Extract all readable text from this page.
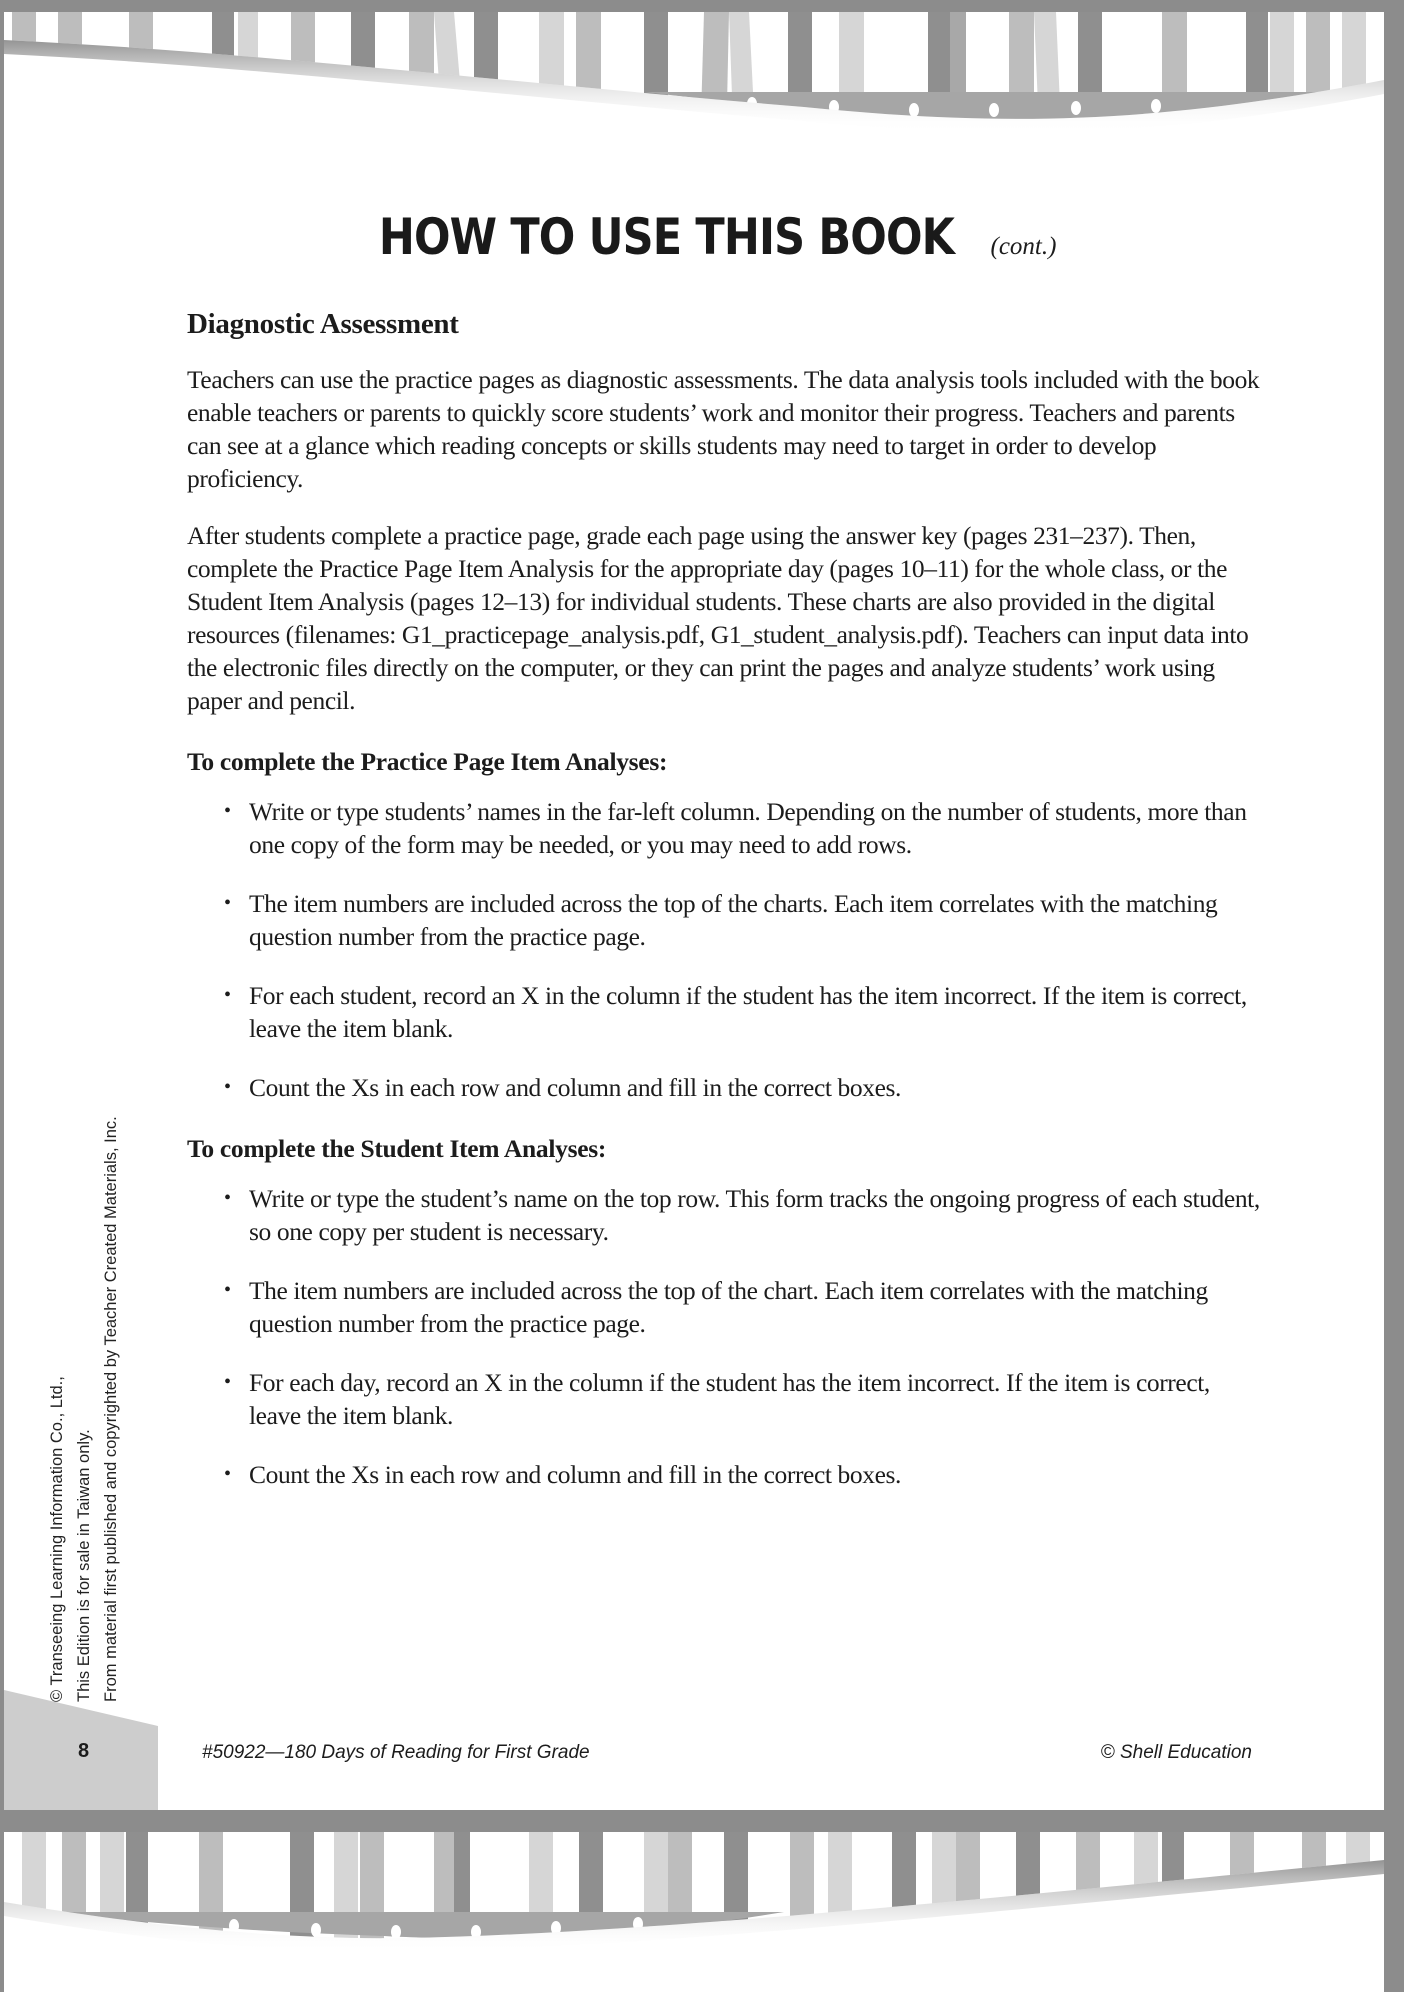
HOW TO USE THIS BOOK (cont.)
Diagnostic Assessment

Teachers can use the practice pages as diagnostic assessments. The data analysis tools included with the book enable teachers or parents to quickly score students’ work and monitor their progress. Teachers and parents can see at a glance which reading concepts or skills students may need to target in order to develop proficiency.

After students complete a practice page, grade each page using the answer key (pages 231–237). Then, complete the Practice Page Item Analysis for the appropriate day (pages 10–11) for the whole class, or the Student Item Analysis (pages 12–13) for individual students. These charts are also provided in the digital resources (filenames: G1_practicepage_analysis.pdf, G1_student_analysis.pdf). Teachers can input data into the electronic files directly on the computer, or they can print the pages and analyze students’ work using paper and pencil.

To complete the Practice Page Item Analyses:
• Write or type students’ names in the far-left column. Depending on the number of students, more than one copy of the form may be needed, or you may need to add rows.
• The item numbers are included across the top of the charts. Each item correlates with the matching question number from the practice page.
• For each student, record an X in the column if the student has the item incorrect. If the item is correct, leave the item blank.
• Count the Xs in each row and column and fill in the correct boxes.
To complete the Student Item Analyses:
• Write or type the student’s name on the top row. This form tracks the ongoing progress of each student, so one copy per student is necessary.
• The item numbers are included across the top of the chart. Each item correlates with the matching question number from the practice page.
• For each day, record an X in the column if the student has the item incorrect. If the item is correct, leave the item blank.
• Count the Xs in each row and column and fill in the correct boxes.
© Transeeing Learning Information Co., Ltd., This Edition is for sale in Taiwan only. From material first published and copyrighted by Teacher Created Materials, Inc.
8	#50922—180 Days of Reading for First Grade	© Shell Education
